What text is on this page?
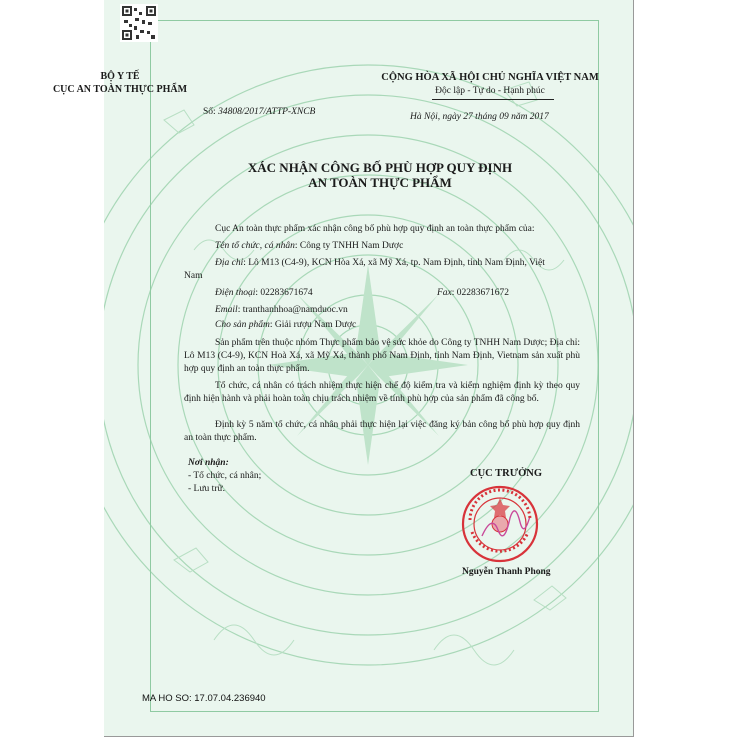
BỘ Y TẾ
CỤC AN TOÀN THỰC PHẨM
Số: 34808/2017/ATTP-XNCB
CỘNG HÒA XÃ HỘI CHỦ NGHĨA VIỆT NAM
Độc lập - Tự do - Hạnh phúc
Hà Nội, ngày 27 tháng 09 năm 2017
XÁC NHẬN CÔNG BỐ PHÙ HỢP QUY ĐỊNH
AN TOÀN THỰC PHẨM
Cục An toàn thực phẩm xác nhận công bố phù hợp quy định an toàn thực phẩm của:
Tên tổ chức, cá nhân: Công ty TNHH Nam Dược
Địa chỉ: Lô M13 (C4-9), KCN Hòa Xá, xã Mỹ Xá, tp. Nam Định, tỉnh Nam Định, Việt
Nam
Điện thoại: 02283671674	Fax: 02283671672
Email: tranthanhhoa@namduoc.vn
Cho sản phẩm: Giải rượu Nam Dược
Sản phẩm trên thuộc nhóm Thực phẩm bảo vệ sức khỏe do Công ty TNHH Nam Dược; Địa chỉ: Lô M13 (C4-9), KCN Hoà Xá, xã Mỹ Xá, thành phố Nam Định, tỉnh Nam Định, Vietnam sản xuất phù hợp quy định an toàn thực phẩm.
Tổ chức, cá nhân có trách nhiệm thực hiện chế độ kiểm tra và kiểm nghiệm định kỳ theo quy định hiện hành và phải hoàn toàn chịu trách nhiệm về tính phù hợp của sản phẩm đã công bố.
Định kỳ 5 năm tổ chức, cá nhân phải thực hiện lại việc đăng ký bản công bố phù hợp quy định an toàn thực phẩm.
Nơi nhận:
- Tổ chức, cá nhân;
- Lưu trữ.
CỤC TRƯỞNG
Nguyễn Thanh Phong
MA HO SO: 17.07.04.236940
